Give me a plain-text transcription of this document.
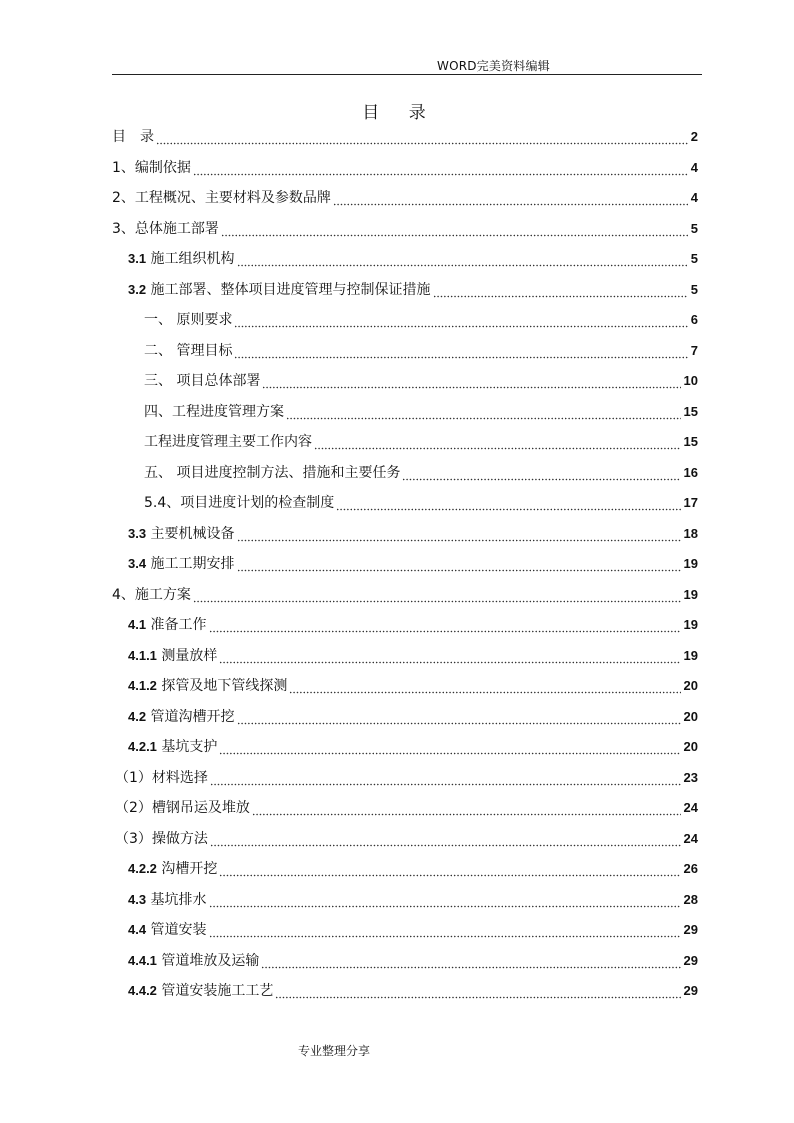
WORD完美资料编辑
目 录
目　录	2
1、编制依据	4
2、工程概况、主要材料及参数品牌	4
3、总体施工部署	5
3.1 施工组织机构	5
3.2 施工部署、整体项目进度管理与控制保证措施	5
一、 原则要求	6
二、 管理目标	7
三、 项目总体部署	10
四、工程进度管理方案	15
工程进度管理主要工作内容	15
五、 项目进度控制方法、措施和主要任务	16
5.4、项目进度计划的检查制度	17
3.3 主要机械设备	18
3.4 施工工期安排	19
4、施工方案	19
4.1 准备工作	19
4.1.1 测量放样	19
4.1.2 探管及地下管线探测	20
4.2 管道沟槽开挖	20
4.2.1 基坑支护	20
（1）材料选择	23
（2）槽钢吊运及堆放	24
（3）操做方法	24
4.2.2 沟槽开挖	26
4.3 基坑排水	28
4.4 管道安装	29
4.4.1 管道堆放及运输	29
4.4.2 管道安装施工工艺	29
专业整理分享
